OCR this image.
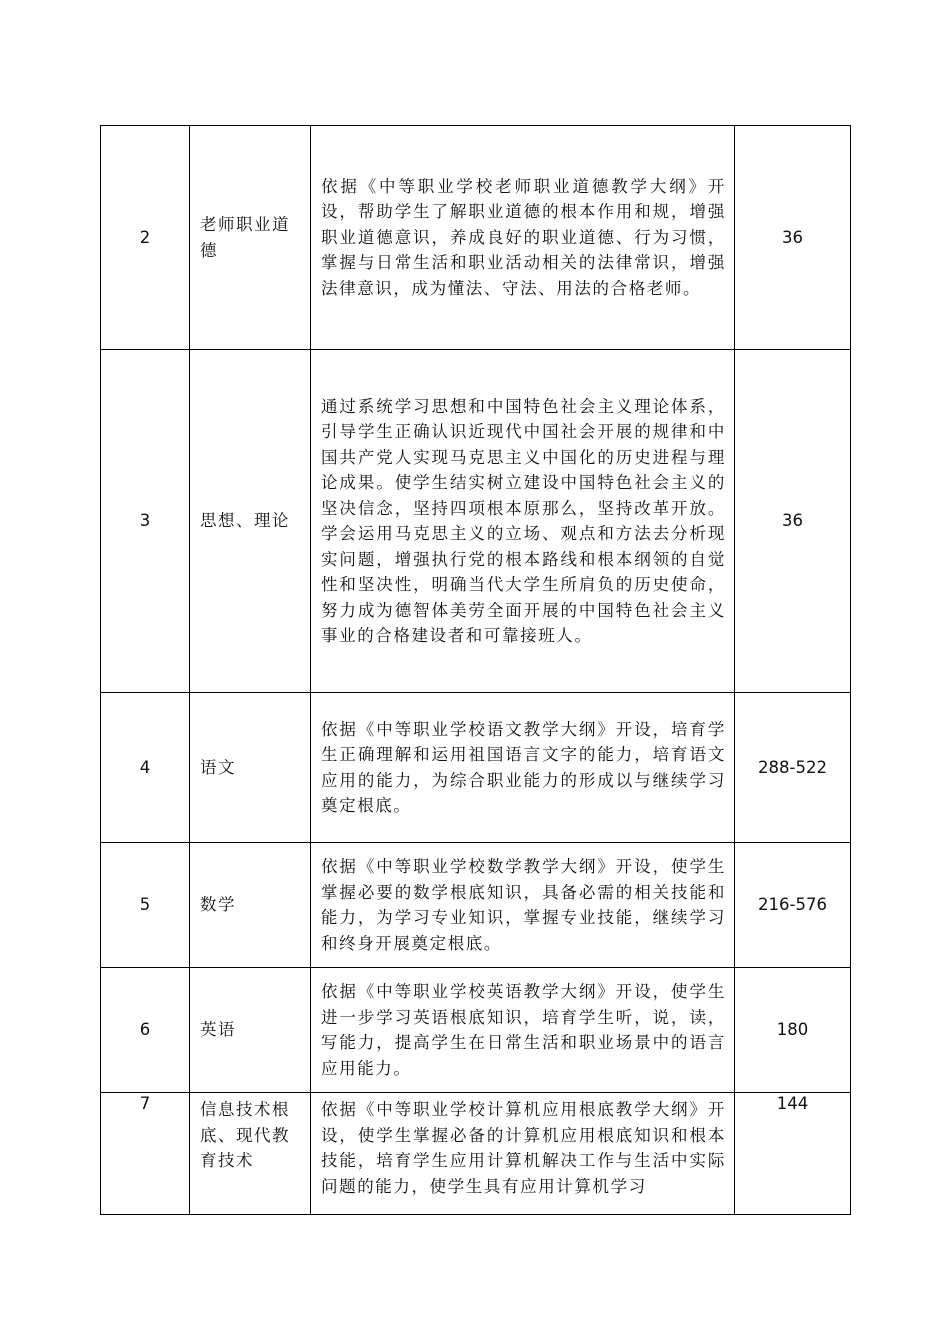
2	老师职业道德	依据《中等职业学校老师职业道德教学大纲》开设，帮助学生了解职业道德的根本作用和规，增强职业道德意识，养成良好的职业道德、行为习惯，掌握与日常生活和职业活动相关的法律常识，增强法律意识，成为懂法、守法、用法的合格老师。	36
3	思想、理论	通过系统学习思想和中国特色社会主义理论体系，引导学生正确认识近现代中国社会开展的规律和中国共产党人实现马克思主义中国化的历史进程与理论成果。使学生结实树立建设中国特色社会主义的坚决信念，坚持四项根本原那么，坚持改革开放。学会运用马克思主义的立场、观点和方法去分析现实问题，增强执行党的根本路线和根本纲领的自觉性和坚决性，明确当代大学生所肩负的历史使命，努力成为德智体美劳全面开展的中国特色社会主义事业的合格建设者和可靠接班人。	36
4	语文	依据《中等职业学校语文教学大纲》开设，培育学生正确理解和运用祖国语言文字的能力，培育语文应用的能力，为综合职业能力的形成以与继续学习奠定根底。	288-522
5	数学	依据《中等职业学校数学教学大纲》开设，使学生掌握必要的数学根底知识，具备必需的相关技能和能力，为学习专业知识，掌握专业技能，继续学习和终身开展奠定根底。	216-576
6	英语	依据《中等职业学校英语教学大纲》开设，使学生进一步学习英语根底知识，培育学生听，说，读，写能力，提高学生在日常生活和职业场景中的语言应用能力。	180
7	信息技术根底、现代教育技术	依据《中等职业学校计算机应用根底教学大纲》开设，使学生掌握必备的计算机应用根底知识和根本技能，培育学生应用计算机解决工作与生活中实际问题的能力，使学生具有应用计算机学习	144
